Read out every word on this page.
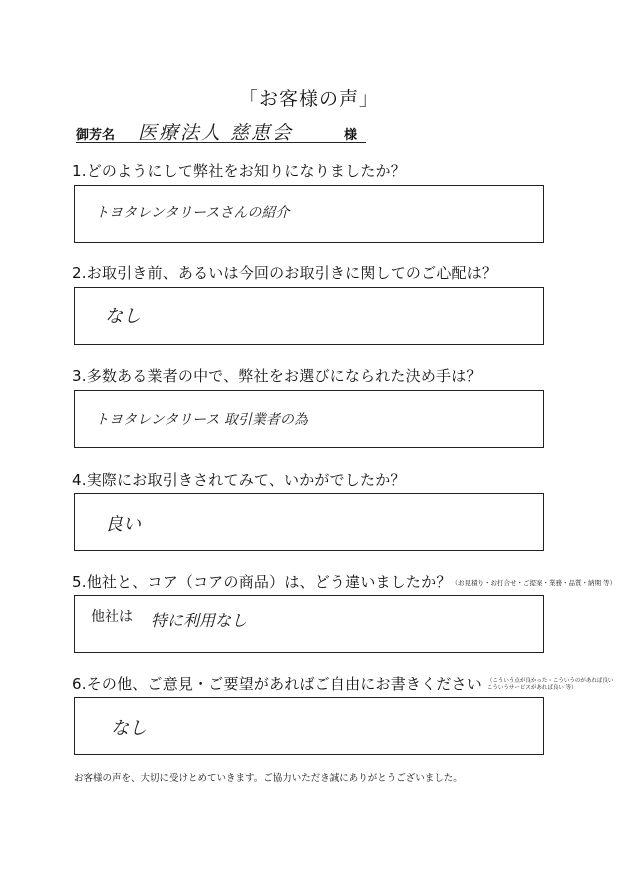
「お客様の声」
御芳名 医療法人 慈恵会	様
1.どのようにして弊社をお知りになりましたか？
トヨタレンタリースさんの紹介
2.お取引き前、あるいは今回のお取引きに関してのご心配は？
なし
3.多数ある業者の中で、弊社をお選びになられた決め手は？
トヨタレンタリース 取引業者の為
4.実際にお取引きされてみて、いかがでしたか？
良い
5.他社と、コア（コアの商品）は、どう違いましたか？（お見積り・お打合せ・ご提案・業務・品質・納期 等）
他社は 特に利用なし
6.その他、ご意見・ご要望があればご自由にお書きください （こういう点が良かった・こういうのがあれば良い
こういうサービスがあれば良い 等）
なし
お客様の声を、大切に受けとめていきます。ご協力いただき誠にありがとうございました。
